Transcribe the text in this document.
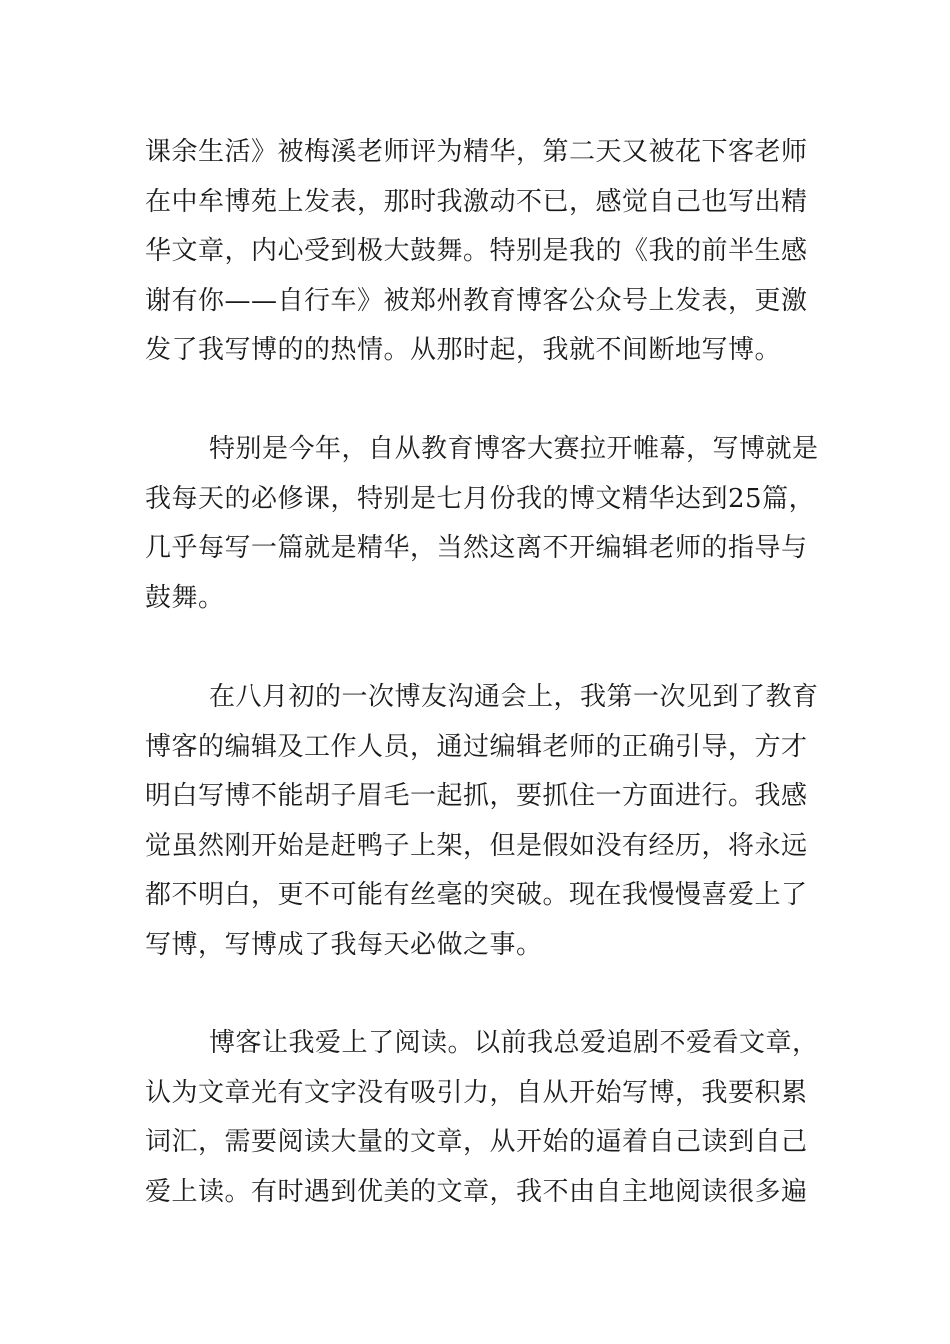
课余生活》被梅溪老师评为精华，第二天又被花下客老师
在中牟博苑上发表，那时我激动不已，感觉自己也写出精
华文章，内心受到极大鼓舞。特别是我的《我的前半生感
谢有你——自行车》被郑州教育博客公众号上发表，更激
发了我写博的的热情。从那时起，我就不间断地写博。
特别是今年，自从教育博客大赛拉开帷幕，写博就是
我每天的必修课，特别是七月份我的博文精华达到25篇，
几乎每写一篇就是精华，当然这离不开编辑老师的指导与
鼓舞。
在八月初的一次博友沟通会上，我第一次见到了教育
博客的编辑及工作人员，通过编辑老师的正确引导，方才
明白写博不能胡子眉毛一起抓，要抓住一方面进行。我感
觉虽然刚开始是赶鸭子上架，但是假如没有经历，将永远
都不明白，更不可能有丝毫的突破。现在我慢慢喜爱上了
写博，写博成了我每天必做之事。
博客让我爱上了阅读。以前我总爱追剧不爱看文章，
认为文章光有文字没有吸引力，自从开始写博，我要积累
词汇，需要阅读大量的文章，从开始的逼着自己读到自己
爱上读。有时遇到优美的文章，我不由自主地阅读很多遍
